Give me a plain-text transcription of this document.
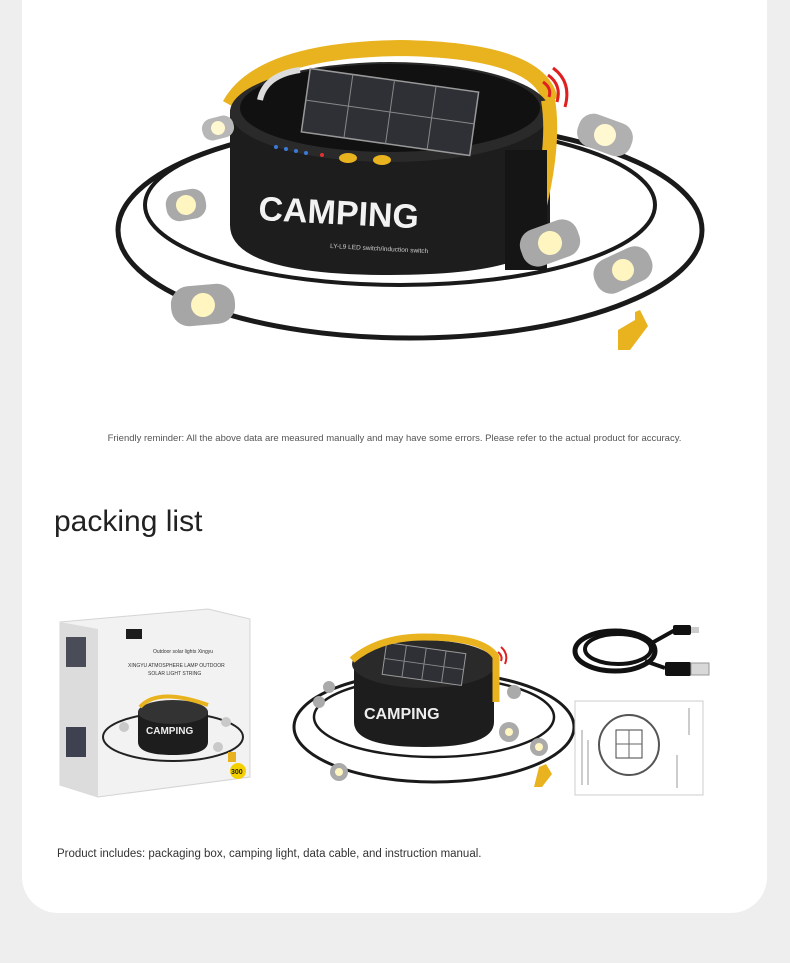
CAMPING
LY-L9 LED switch/induction switch
Friendly reminder: All the above data are measured manually and may have some errors. Please refer to the actual product for accuracy.
packing list
Outdoor solar lights Xingyu
XINGYU ATMOSPHERE LAMP OUTDOOR
SOLAR LIGHT STRING
CAMPING
300
CAMPING
Product includes: packaging box, camping light, data cable, and instruction manual.
